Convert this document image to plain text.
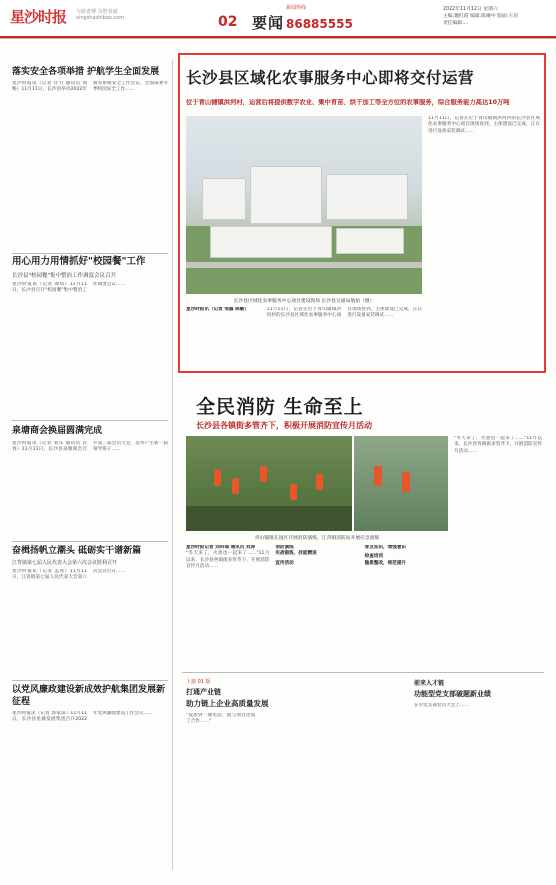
星沙时报 与敢者搏 为智者谋
xingshashibao.com	02 要闻
新闻热线
86885555
2022年11月12日 星期六
主编:魏红霞 编辑:陈曦中 版面:王培
责任编辑:...
落实安全各项举措 护航学生全面发展
星沙时报讯（记者 许力 通讯员 刘畅）11月11日，长沙县举办2022年教育系统安全工作会议，全面部署冬季校园安全工作……
用心用力用情抓好"校园餐"工作
长沙县"校园餐"集中整治工作调度会议召开
星沙时报讯（记者 谭琪）11月11日，长沙县召开"校园餐"集中整治工作调度会议……
泉塘商会换届圆满完成
星沙时报讯（记者 刘乐 通讯员 肖春）11月11日，长沙县泉塘商会召开第三届会员大会，选举产生新一届领导班子……
奋楫扬帆立潮头 砥砺实干谱新篇
江背镇第七届人民代表大会第六次会议胜利召开
星沙时报讯（记者 孟瑶）11月11日，江背镇第七届人民代表大会第六次会议召开……
以党风廉政建设新成效护航集团发展新征程
星沙时报讯（记者 郭家琼）11月11日，长沙县星城发展集团召开2022年党风廉政建设工作会议……
长沙县区域化农事服务中心即将交付运营
位于青山铺镇洪河村，运营后将提供数字农业、集中育苗、烘干加工等全方位的农事服务，综合服务能力高达10万吨
长沙县区域化农事服务中心项目建设现场 长沙县交通局航拍（摄）
11月11日，记者在位于青山铺镇洪河村的长沙县区域化农事服务中心项目现场看到，主体建设已完成，正在进行设备安装调试……
星沙时报讯（记者 邹露 陈敏）	11月11日，记者在位于青山铺镇洪河村的长沙县区域化农事服务中心项目现场看到，主体建设已完成，正在进行设备安装调试……
全民消防 生命至上
长沙县各镇街多管齐下，积极开展消防宣传月活动
青山铺镇在园区开展消防演练，江背镇消防站开展应急演练
"冬天来了，火患也一起来了……"11月以来，长沙县各镇街多管齐下，开展消防宣传月活动……
星沙时报记者 刘科瑞 通讯员 刘涛
"冬天来了，火患也一起来了……"11月以来，长沙县各镇街多管齐下，开展消防宣传月活动……
消防演练
实战锻炼，技能精进
宣传活动
普及知识，增强意识
检查培训
隐患整改，规范提升
上接 01 版
打通产业链
助力链上企业高质量发展
"没想到一通电话，就与项目达成了合作……"
前来人才链
功能型党支部破题新业绩
在市党支部党员大会上……
